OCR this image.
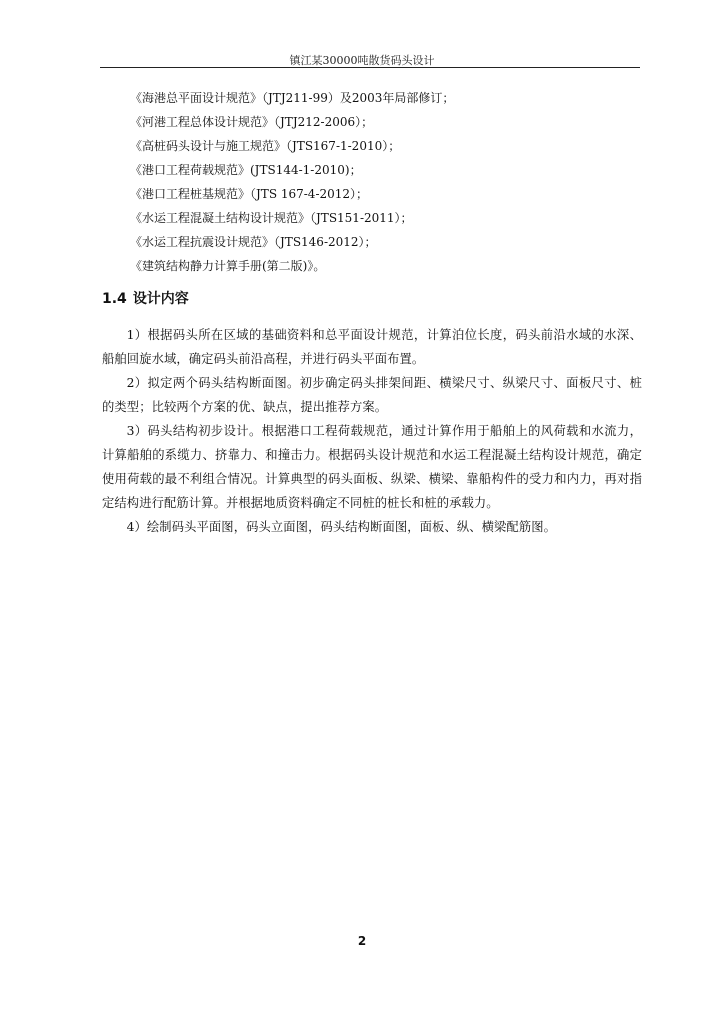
镇江某30000吨散货码头设计
《海港总平面设计规范》（JTJ211-99）及2003年局部修订；
《河港工程总体设计规范》（JTJ212-2006）；
《高桩码头设计与施工规范》（JTS167-1-2010）；
《港口工程荷载规范》(JTS144-1-2010)；
《港口工程桩基规范》（JTS 167-4-2012）；
《水运工程混凝土结构设计规范》（JTS151-2011）；
《水运工程抗震设计规范》（JTS146-2012）；
《建筑结构静力计算手册(第二版)》。
1.4 设计内容

1）根据码头所在区域的基础资料和总平面设计规范，计算泊位长度，码头前沿水域的水深、船舶回旋水域，确定码头前沿高程，并进行码头平面布置。

2）拟定两个码头结构断面图。初步确定码头排架间距、横梁尺寸、纵梁尺寸、面板尺寸、桩的类型；比较两个方案的优、缺点，提出推荐方案。

3）码头结构初步设计。根据港口工程荷载规范，通过计算作用于船舶上的风荷载和水流力，计算船舶的系缆力、挤靠力、和撞击力。根据码头设计规范和水运工程混凝土结构设计规范，确定使用荷载的最不利组合情况。计算典型的码头面板、纵梁、横梁、靠船构件的受力和内力，再对指定结构进行配筋计算。并根据地质资料确定不同桩的桩长和桩的承载力。

4）绘制码头平面图，码头立面图，码头结构断面图，面板、纵、横梁配筋图。

2
